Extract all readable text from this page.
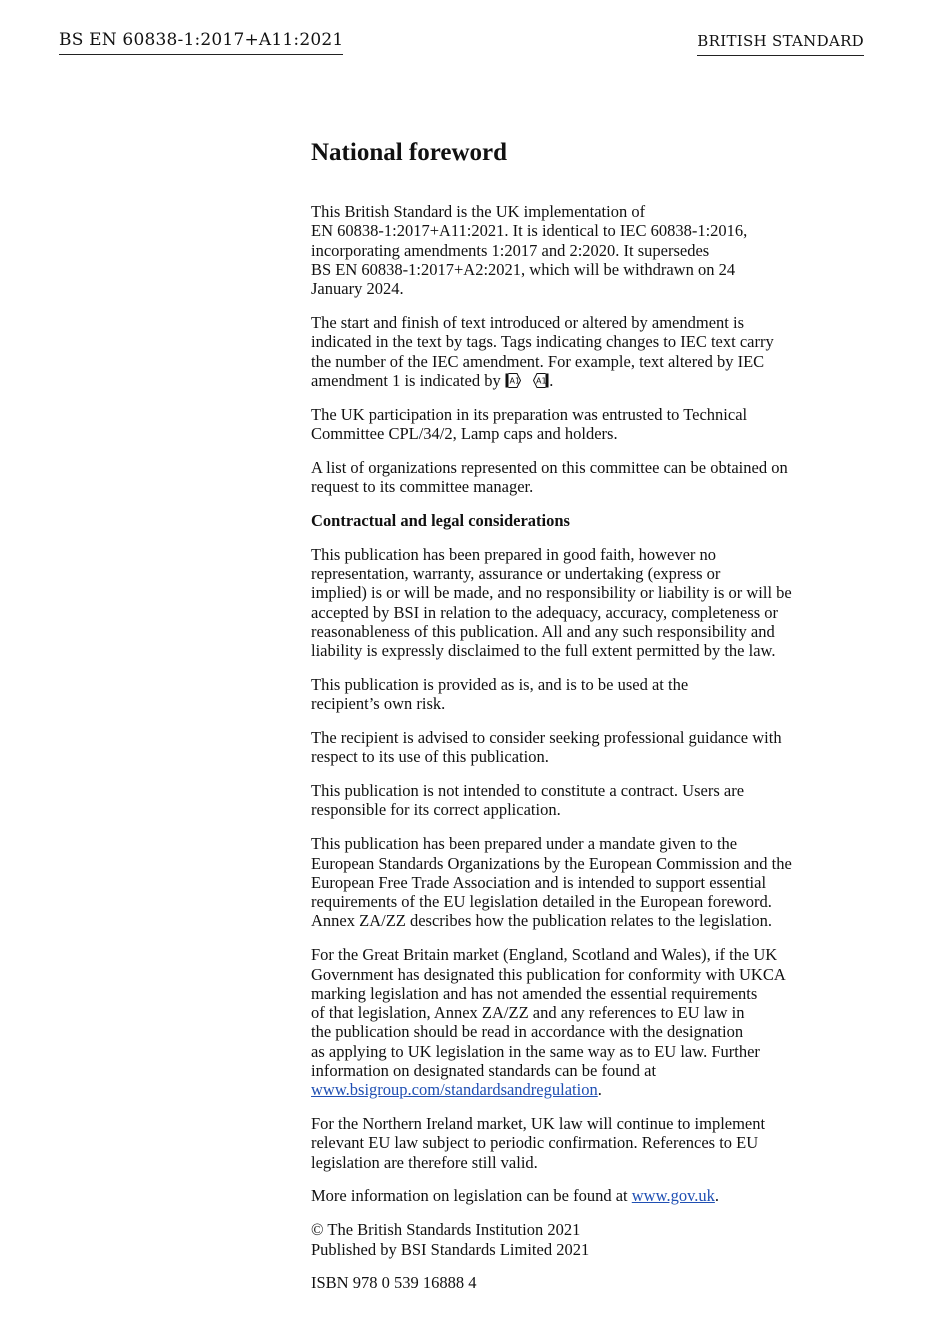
BS EN 60838-1:2017+A11:2021	BRITISH STANDARD
National foreword

This British Standard is the UK implementation of
EN 60838-1:2017+A11:2021. It is identical to IEC 60838-1:2016,
incorporating amendments 1:2017 and 2:2020. It supersedes
BS EN 60838-1:2017+A2:2021, which will be withdrawn on 24
January 2024.

The start and finish of text introduced or altered by amendment is
indicated in the text by tags. Tags indicating changes to IEC text carry
the number of the IEC amendment. For example, text altered by IEC
amendment 1 is indicated by A1
A1 .

The UK participation in its preparation was entrusted to Technical
Committee CPL/34/2, Lamp caps and holders.

A list of organizations represented on this committee can be obtained on
request to its committee manager.

Contractual and legal considerations

This publication has been prepared in good faith, however no
representation, warranty, assurance or undertaking (express or
implied) is or will be made, and no responsibility or liability is or will be
accepted by BSI in relation to the adequacy, accuracy, completeness or
reasonableness of this publication. All and any such responsibility and
liability is expressly disclaimed to the full extent permitted by the law.

This publication is provided as is, and is to be used at the
recipient’s own risk.

The recipient is advised to consider seeking professional guidance with
respect to its use of this publication.

This publication is not intended to constitute a contract. Users are
responsible for its correct application.

This publication has been prepared under a mandate given to the
European Standards Organizations by the European Commission and the
European Free Trade Association and is intended to support essential
requirements of the EU legislation detailed in the European foreword.
Annex ZA/ZZ describes how the publication relates to the legislation.

For the Great Britain market (England, Scotland and Wales), if the UK
Government has designated this publication for conformity with UKCA
marking legislation and has not amended the essential requirements
of that legislation, Annex ZA/ZZ and any references to EU law in
the publication should be read in accordance with the designation
as applying to UK legislation in the same way as to EU law. Further
information on designated standards can be found at
www.bsigroup.com/standardsandregulation.

For the Northern Ireland market, UK law will continue to implement
relevant EU law subject to periodic confirmation. References to EU
legislation are therefore still valid.

More information on legislation can be found at www.gov.uk.

© The British Standards Institution 2021
Published by BSI Standards Limited 2021

ISBN 978 0 539 16888 4
